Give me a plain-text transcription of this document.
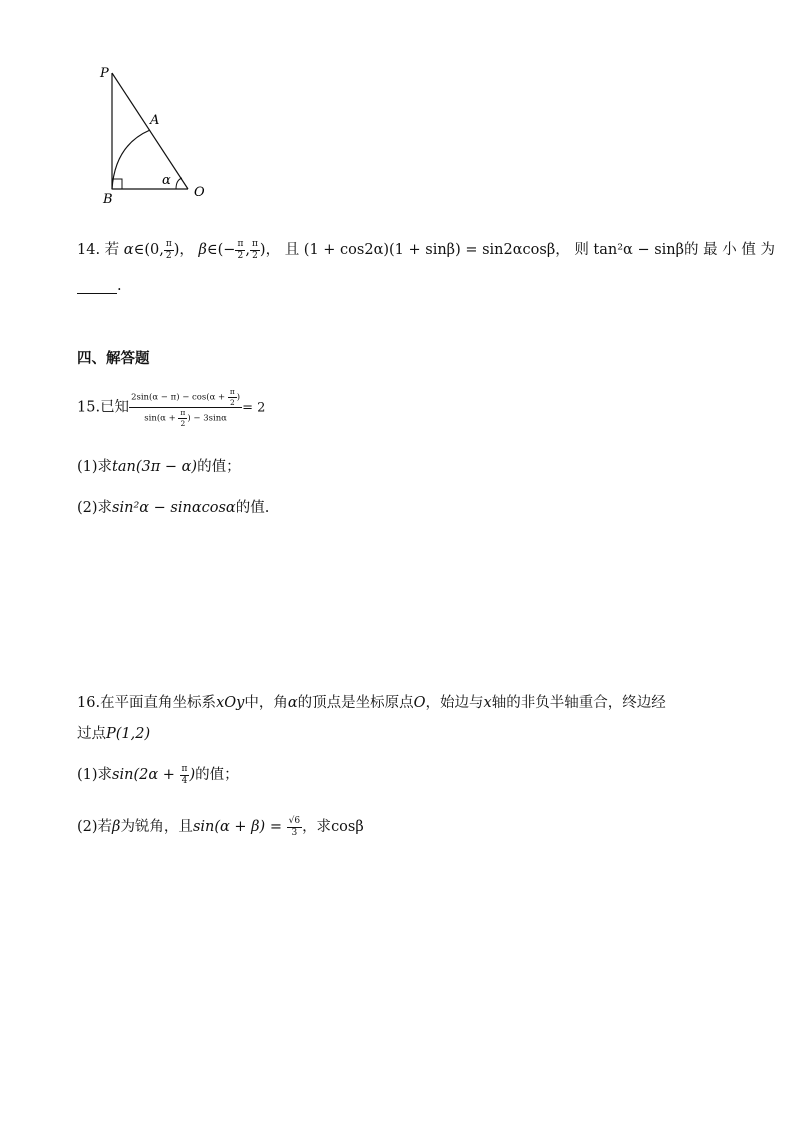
P
A
B	O
α
14. 若 α∈(0, $\frac{\pi}{2}$ )， β∈(− $\frac{\pi}{2}$ , $\frac{\pi}{2}$ )， 且 (1 + cos2α)(1 + sinβ) = sin2αcosβ， 则 tan²α − sinβ的 最 小 值 为
.
四、解答题
15.已知 $\frac{2\sin(\alpha - \pi) - \cos(\alpha + \frac{\pi}{2} )}{\sin(\alpha + \frac{\pi}{2} ) - 3\sin\alpha} = 2$
(1)求tan(3π − α)的值；
(2)求sin²α − sinαcosα的值.
16.在平面直角坐标系xOy中，角α的顶点是坐标原点O，始边与x轴的非负半轴重合，终边经
过点P(1,2)
(1)求$\sin(2\alpha + \frac{\pi}{4}$ )的值；
(2)若β为锐角，且$\sin(\alpha + \beta) = \frac{√6}{3}$ ，求cosβ
